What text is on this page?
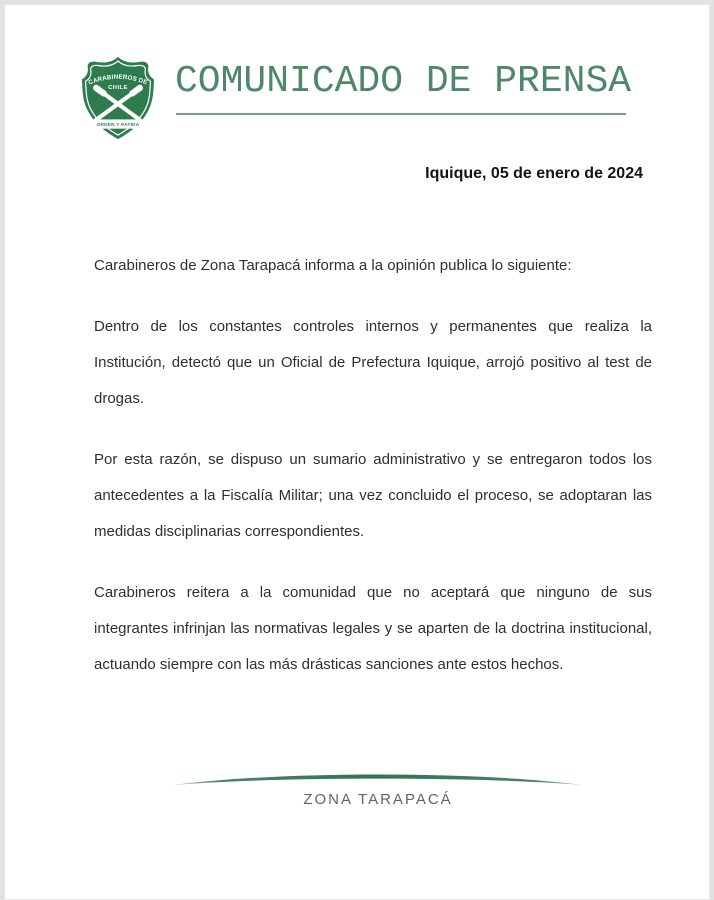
CARABINEROS DE
CHILE
ORDEN Y PATRIA
COMUNICADO DE PRENSA
Iquique, 05 de enero de 2024

Carabineros de Zona Tarapacá informa a la opinión publica lo siguiente:

Dentro de los constantes controles internos y permanentes que realiza la Institución, detectó que un Oficial de Prefectura Iquique, arrojó positivo al test de drogas.

Por esta razón, se dispuso un sumario administrativo y se entregaron todos los antecedentes a la Fiscalía Militar; una vez concluido el proceso, se adoptaran las medidas disciplinarias correspondientes.

Carabineros reitera a la comunidad que no aceptará que ninguno de sus integrantes infrinjan las normativas legales y se aparten de la doctrina institucional, actuando siempre con las más drásticas sanciones ante estos hechos.

ZONA TARAPACÁ
